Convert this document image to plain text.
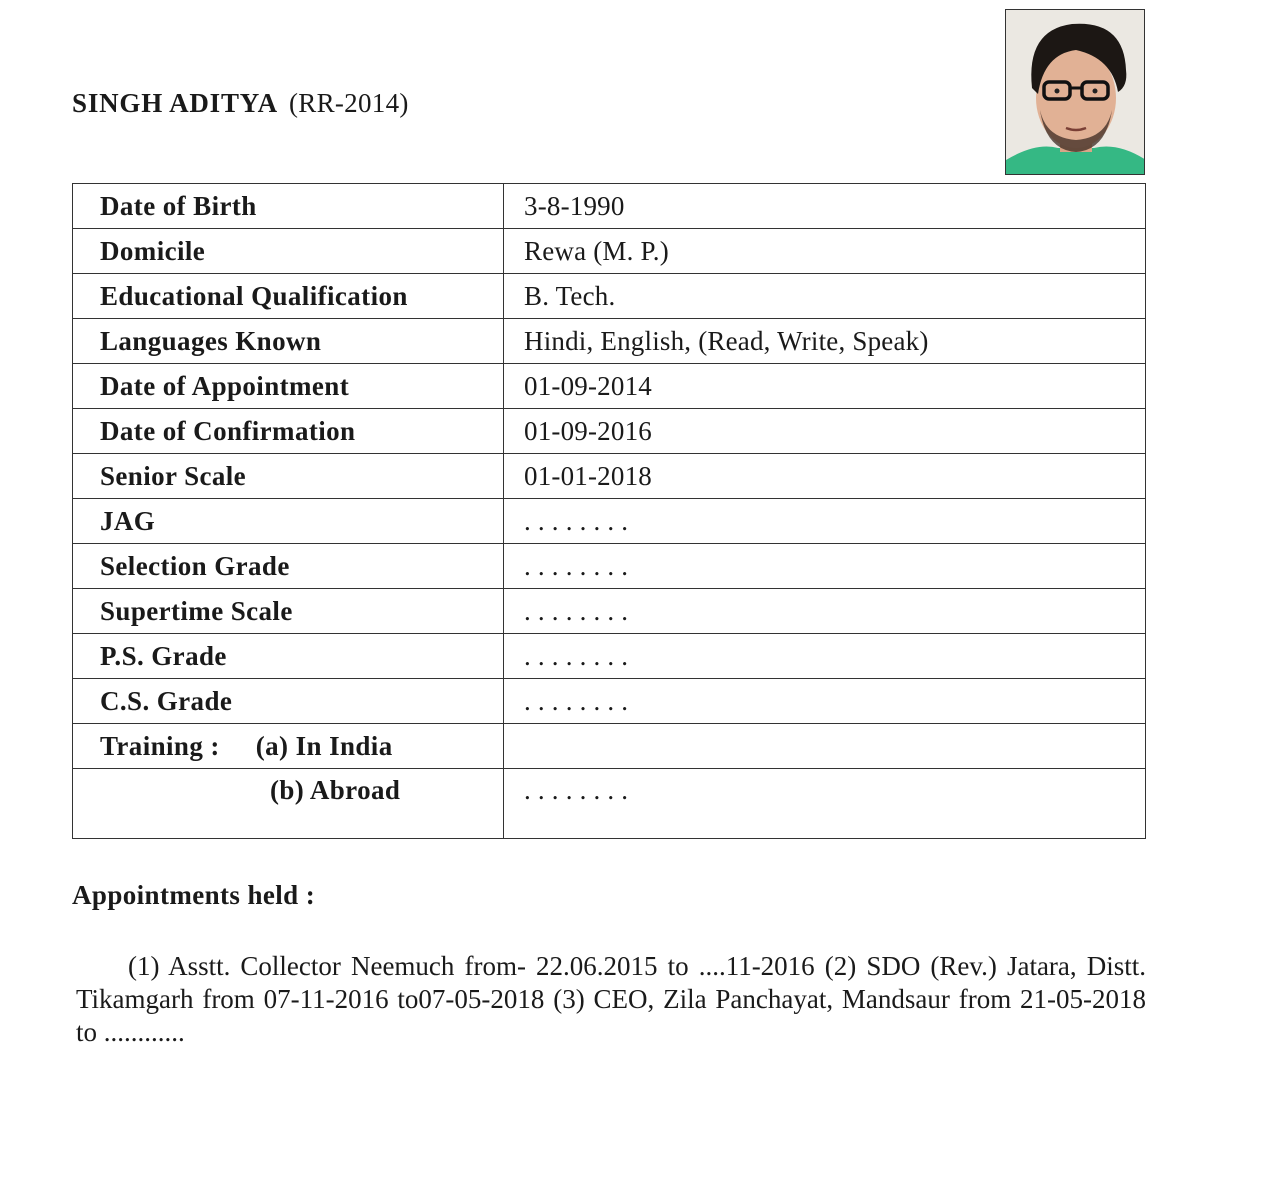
SINGH ADITYA (RR-2014)
Date of Birth	3-8-1990
Domicile	Rewa (M. P.)
Educational Qualification	B. Tech.
Languages Known	Hindi, English, (Read, Write, Speak)
Date of Appointment	01-09-2014
Date of Confirmation	01-09-2016
Senior Scale	01-01-2018
JAG	. . . . . . . .
Selection Grade	. . . . . . . .
Supertime Scale	. . . . . . . .
P.S. Grade	. . . . . . . .
C.S. Grade	. . . . . . . .
Training : (a) In India	
(b) Abroad	. . . . . . . .
Appointments held :
(1) Asstt. Collector Neemuch from- 22.06.2015 to ....11-2016 (2) SDO (Rev.) Jatara, Distt. Tikamgarh from 07-11-2016 to07-05-2018 (3) CEO, Zila Panchayat, Mandsaur from 21-05-2018 to ............
